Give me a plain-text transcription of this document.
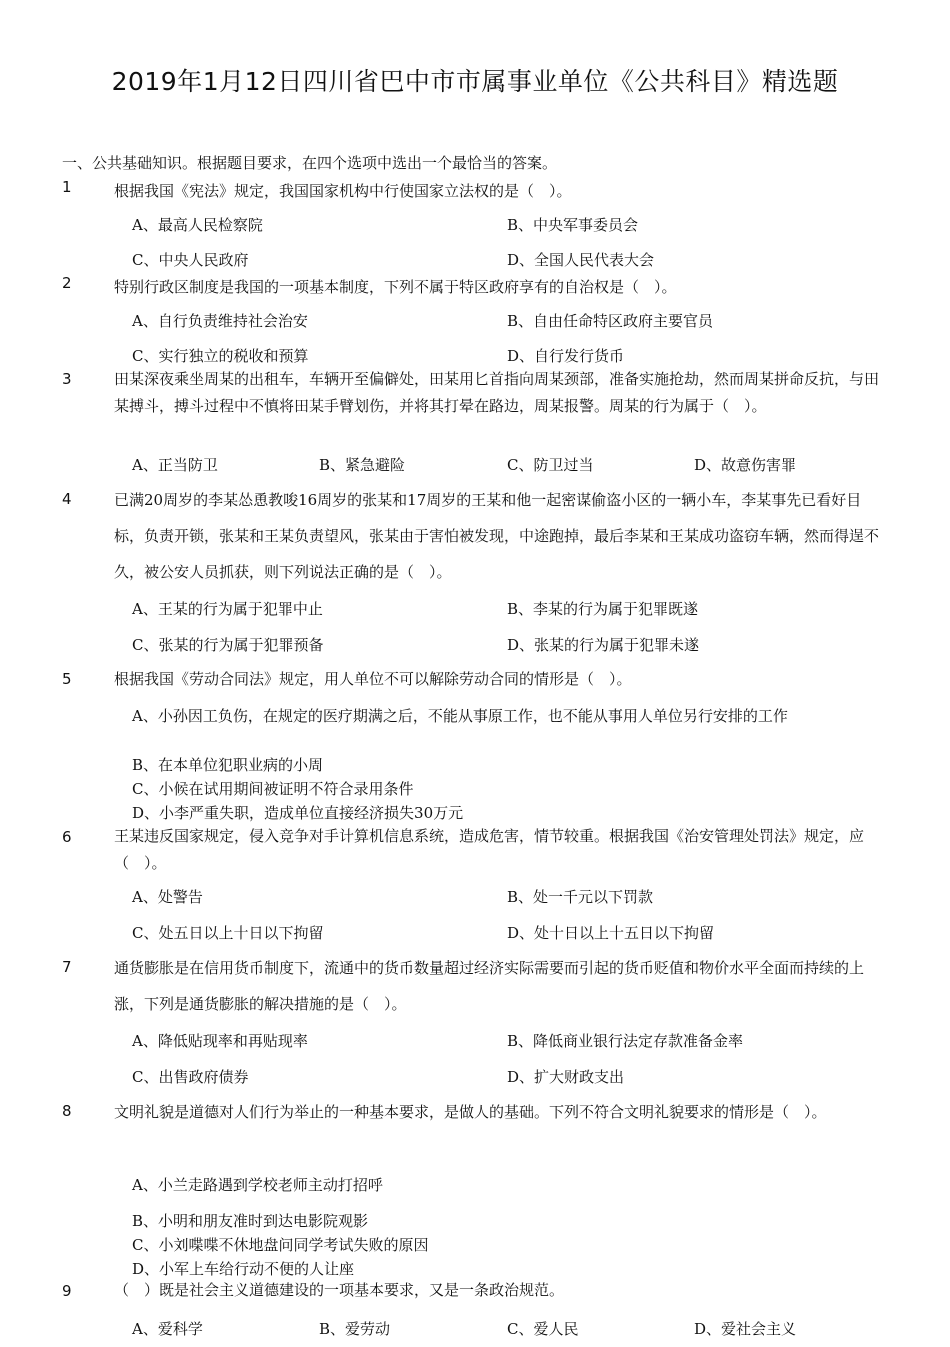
2019年1月12日四川省巴中市市属事业单位《公共科目》精选题
一、公共基础知识。根据题目要求，在四个选项中选出一个最恰当的答案。
1	根据我国《宪法》规定，我国国家机构中行使国家立法权的是（　）。
A、最高人民检察院	B、中央军事委员会
C、中央人民政府	D、全国人民代表大会
2	特别行政区制度是我国的一项基本制度，下列不属于特区政府享有的自治权是（　）。
A、自行负责维持社会治安	B、自由任命特区政府主要官员
C、实行独立的税收和预算	D、自行发行货币
3	田某深夜乘坐周某的出租车，车辆开至偏僻处，田某用匕首指向周某颈部，准备实施抢劫，然而周某拼命反抗，与田某搏斗，搏斗过程中不慎将田某手臂划伤，并将其打晕在路边，周某报警。周某的行为属于（　）。
A、正当防卫	B、紧急避险	C、防卫过当	D、故意伤害罪
4	已满20周岁的李某怂恿教唆16周岁的张某和17周岁的王某和他一起密谋偷盗小区的一辆小车，李某事先已看好目标，负责开锁，张某和王某负责望风，张某由于害怕被发现，中途跑掉，最后李某和王某成功盗窃车辆，然而得逞不久，被公安人员抓获，则下列说法正确的是（　）。
A、王某的行为属于犯罪中止	B、李某的行为属于犯罪既遂
C、张某的行为属于犯罪预备	D、张某的行为属于犯罪未遂
5	根据我国《劳动合同法》规定，用人单位不可以解除劳动合同的情形是（　）。
A、小孙因工负伤，在规定的医疗期满之后，不能从事原工作，也不能从事用人单位另行安排的工作
B、在本单位犯职业病的小周
C、小候在试用期间被证明不符合录用条件
D、小李严重失职，造成单位直接经济损失30万元
6	王某违反国家规定，侵入竞争对手计算机信息系统，造成危害，情节较重。根据我国《治安管理处罚法》规定，应（　）。
A、处警告	B、处一千元以下罚款
C、处五日以上十日以下拘留	D、处十日以上十五日以下拘留
7	通货膨胀是在信用货币制度下，流通中的货币数量超过经济实际需要而引起的货币贬值和物价水平全面而持续的上涨，下列是通货膨胀的解决措施的是（　）。
A、降低贴现率和再贴现率	B、降低商业银行法定存款准备金率
C、出售政府债券	D、扩大财政支出
8	文明礼貌是道德对人们行为举止的一种基本要求，是做人的基础。下列不符合文明礼貌要求的情形是（　）。
A、小兰走路遇到学校老师主动打招呼
B、小明和朋友准时到达电影院观影
C、小刘喋喋不休地盘问同学考试失败的原因
D、小军上车给行动不便的人让座
9	（　）既是社会主义道德建设的一项基本要求，又是一条政治规范。
A、爱科学	B、爱劳动	C、爱人民	D、爱社会主义
